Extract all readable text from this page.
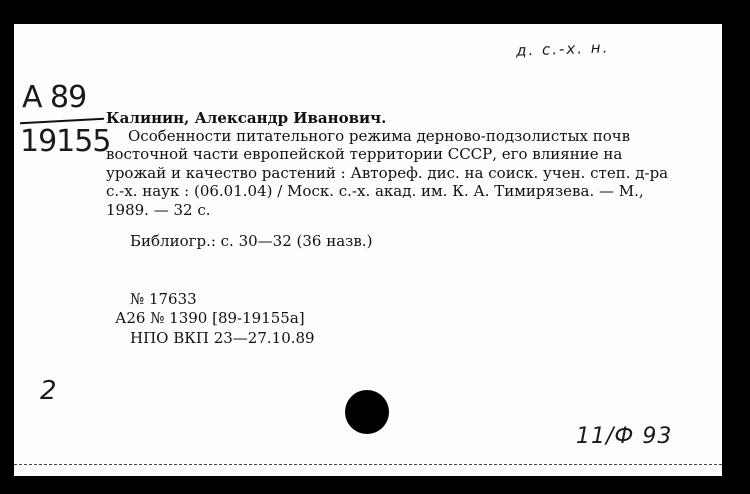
д. с.-х. н.
А 89
19155
Калинин, Александр Иванович.
Особенности питательного режима дерново-подзолистых почв восточной части европейской территории СССР, его влияние на урожай и качество растений : Автореф. дис. на соиск. учен. степ. д-ра с.-х. наук : (06.01.04) / Моск. с.-х. акад. им. К. А. Тимирязева. — М., 1989. — 32 с.
Библиогр.: с. 30—32 (36 назв.)
№ 17633
А26 № 1390 [89-19155а]
НПО ВКП 23—27.10.89
2
11/Ф 93
